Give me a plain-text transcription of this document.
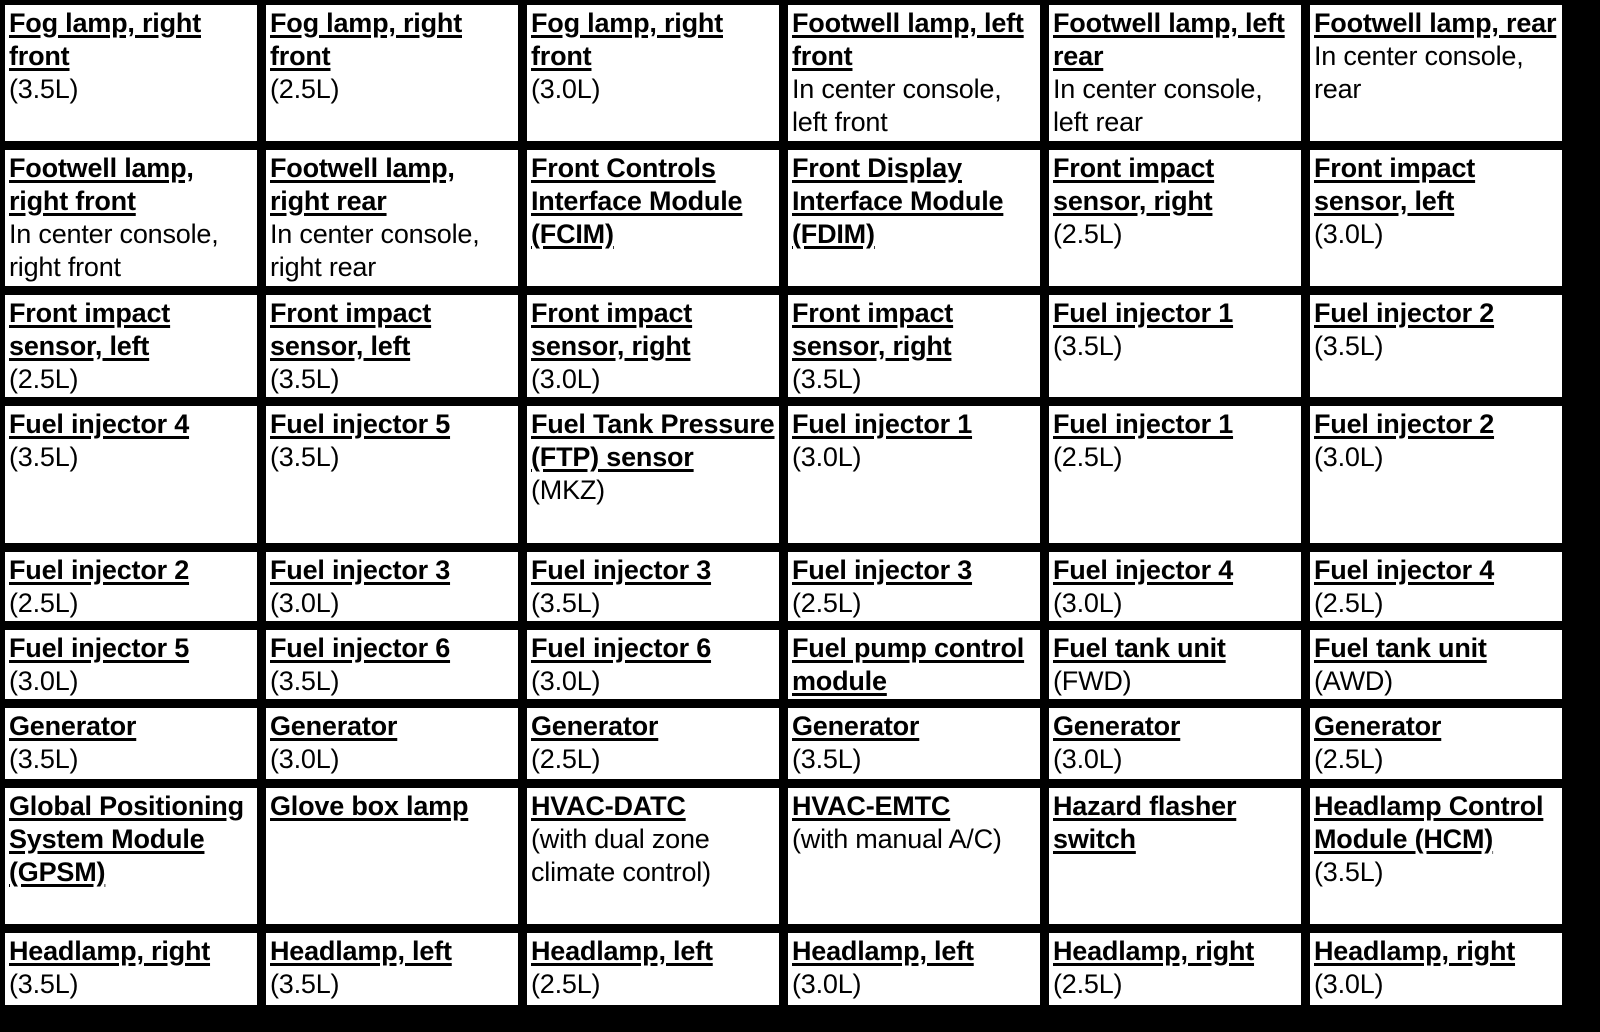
Fog lamp, right front
(3.5L)
Fog lamp, right front
(2.5L)
Fog lamp, right front
(3.0L)
Footwell lamp, left front
In center console, left front
Footwell lamp, left rear
In center console, left rear
Footwell lamp, rear
In center console, rear
Footwell lamp, right front
In center console, right front
Footwell lamp, right rear
In center console, right rear
Front Controls Interface Module (FCIM)
Front Display Interface Module (FDIM)
Front impact sensor, right
(2.5L)
Front impact sensor, left
(3.0L)
Front impact sensor, left
(2.5L)
Front impact sensor, left
(3.5L)
Front impact sensor, right
(3.0L)
Front impact sensor, right
(3.5L)
Fuel injector 1
(3.5L)
Fuel injector 2
(3.5L)
Fuel injector 4
(3.5L)
Fuel injector 5
(3.5L)
Fuel Tank Pressure (FTP) sensor
(MKZ)
Fuel injector 1
(3.0L)
Fuel injector 1
(2.5L)
Fuel injector 2
(3.0L)
Fuel injector 2
(2.5L)
Fuel injector 3
(3.0L)
Fuel injector 3
(3.5L)
Fuel injector 3
(2.5L)
Fuel injector 4
(3.0L)
Fuel injector 4
(2.5L)
Fuel injector 5
(3.0L)
Fuel injector 6
(3.5L)
Fuel injector 6
(3.0L)
Fuel pump control module
Fuel tank unit
(FWD)
Fuel tank unit
(AWD)
Generator
(3.5L)
Generator
(3.0L)
Generator
(2.5L)
Generator
(3.5L)
Generator
(3.0L)
Generator
(2.5L)
Global Positioning System Module (GPSM)
Glove box lamp	HVAC-DATC
(with dual zone climate control)
HVAC-EMTC
(with manual A/C)
Hazard flasher switch
Headlamp Control Module (HCM)
(3.5L)
Headlamp, right
(3.5L)
Headlamp, left
(3.5L)
Headlamp, left
(2.5L)
Headlamp, left
(3.0L)
Headlamp, right
(2.5L)
Headlamp, right
(3.0L)
